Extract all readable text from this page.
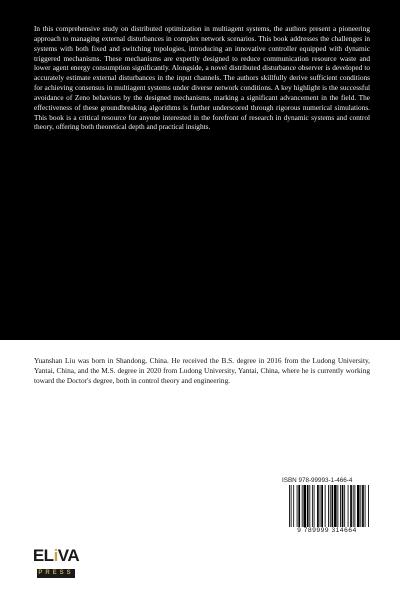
In this comprehensive study on distributed optimization in multiagent systems, the authors present a pioneering approach to managing external disturbances in complex network scenarios. This book addresses the challenges in systems with both fixed and switching topologies, introducing an innovative controller equipped with dynamic triggered mechanisms. These mechanisms are expertly designed to reduce communication resource waste and lower agent energy consumption significantly. Alongside, a novel distributed disturbance observer is developed to accurately estimate external disturbances in the input channels. The authors skillfully derive sufficient conditions for achieving consensus in multiagent systems under diverse network conditions. A key highlight is the successful avoidance of Zeno behaviors by the designed mechanisms, marking a significant advancement in the field. The effectiveness of these groundbreaking algorithms is further underscored through rigorous numerical simulations. This book is a critical resource for anyone interested in the forefront of research in dynamic systems and control theory, offering both theoretical depth and practical insights.

Yuanshan Liu was born in Shandong, China. He received the B.S. degree in 2016 from the Ludong University, Yantai, China, and the M.S. degree in 2020 from Ludong University, Yantai, China, where he is currently working toward the Doctor's degree, both in control theory and engineering.

ISBN 978-99993-1-466-4
9 789999 314664
ELiVA
PRESS
